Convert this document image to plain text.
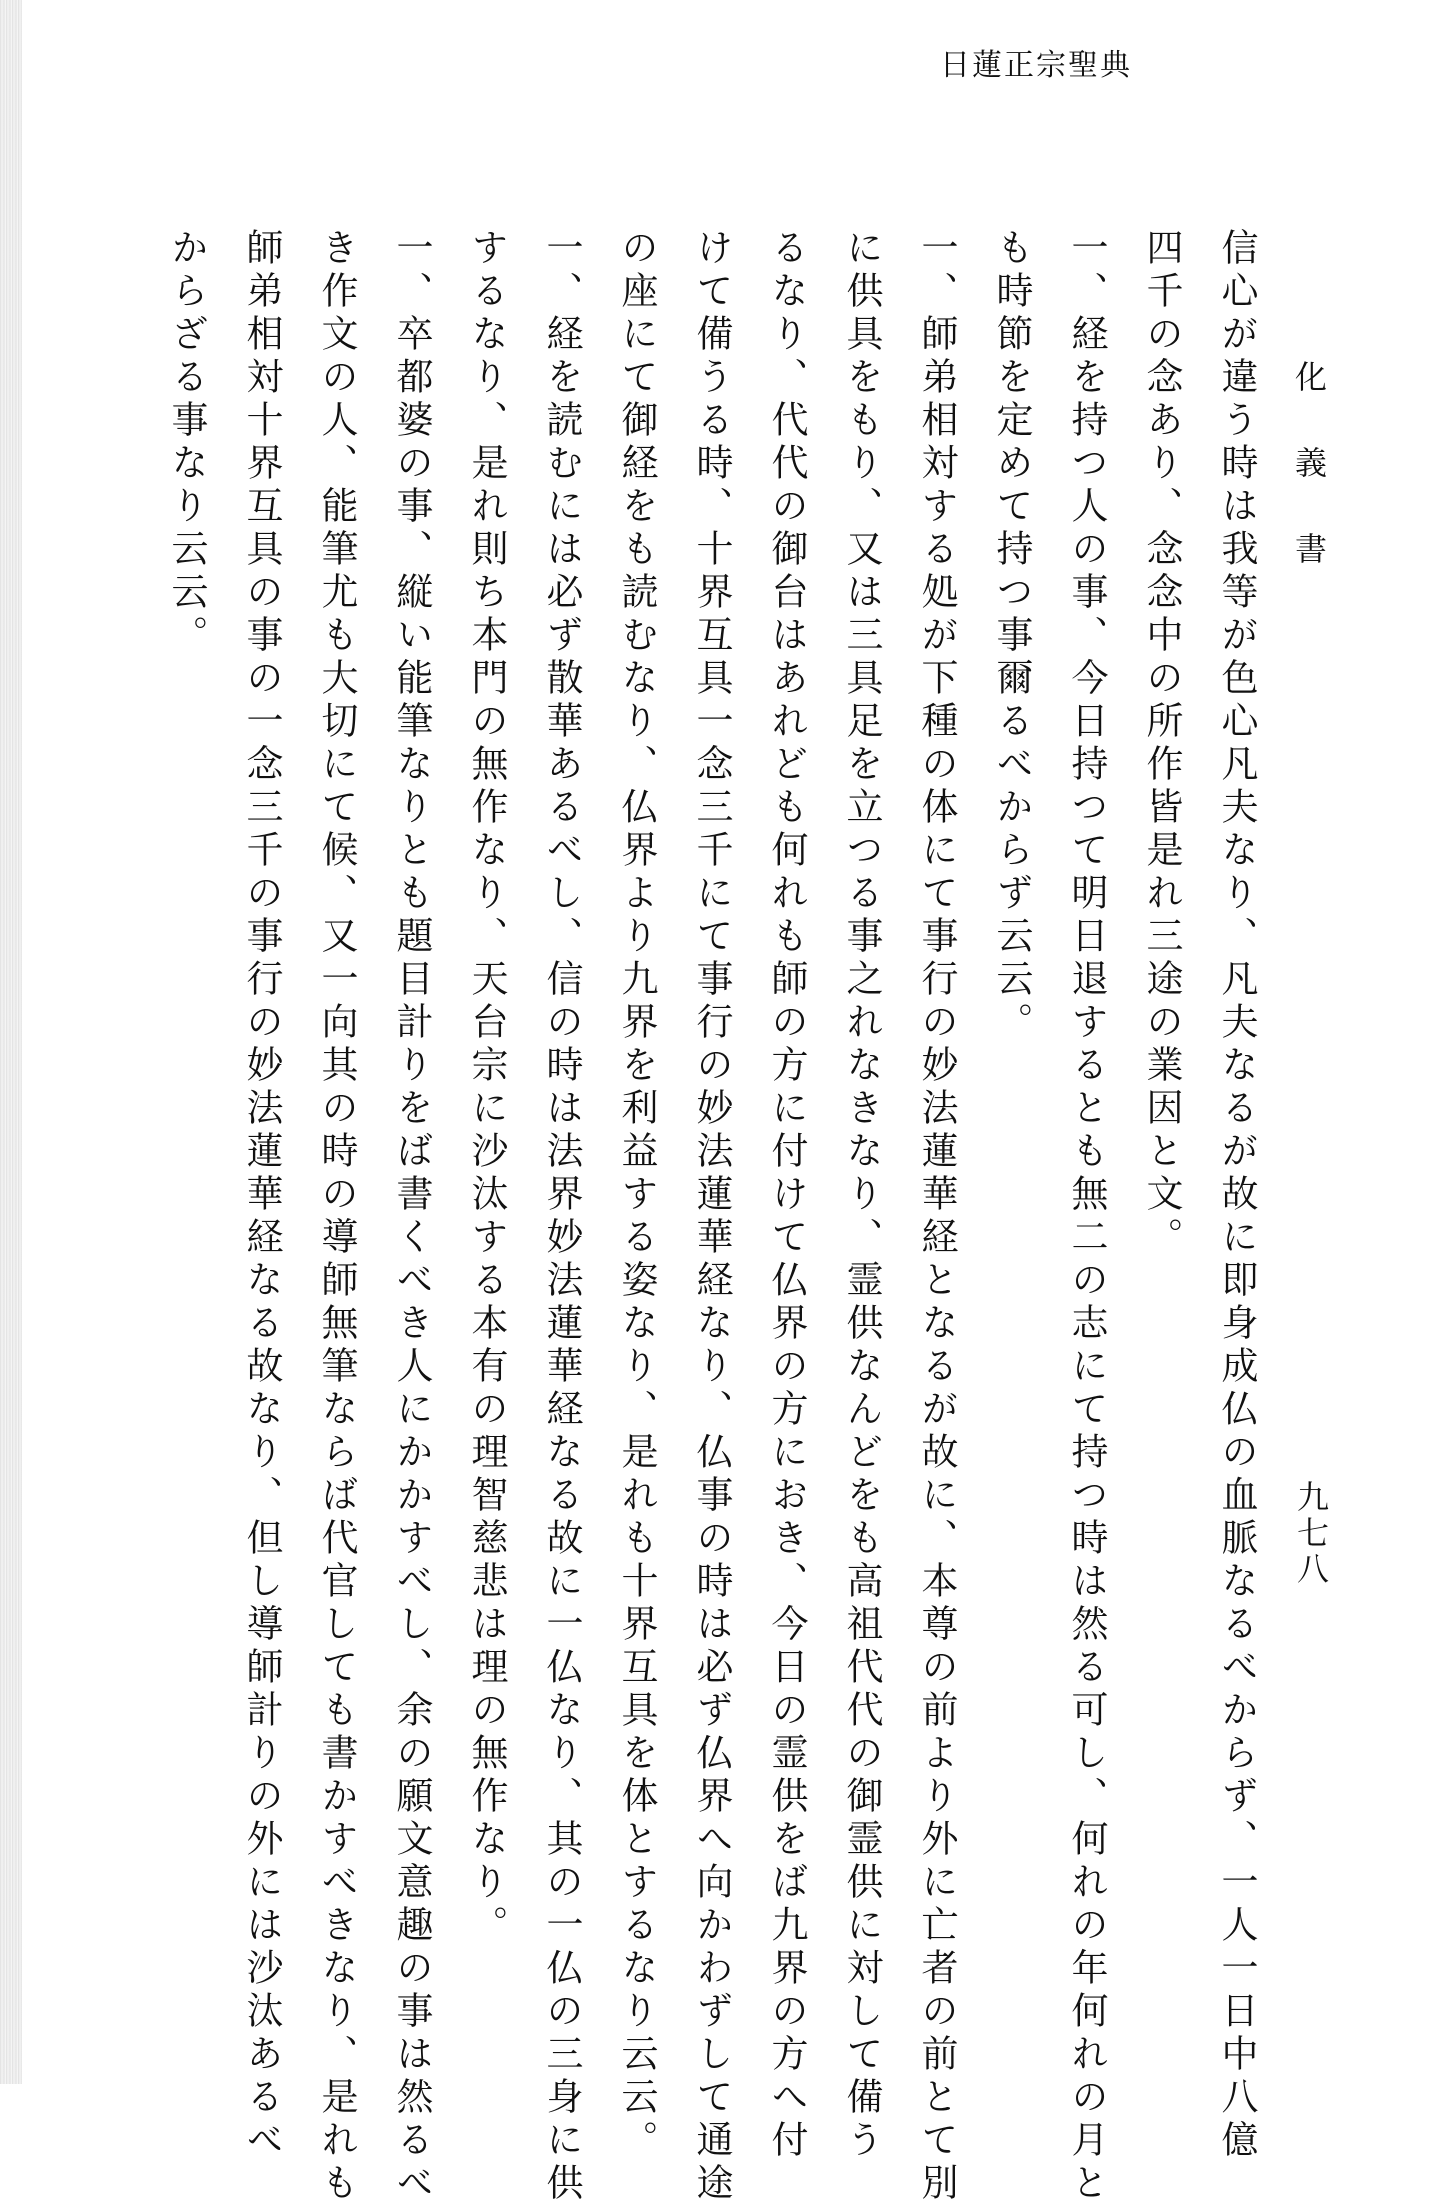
日蓮正宗聖典
九七八
化義書
信心が違う時は我等が色心凡夫なり、凡夫なるが故に即身成仏の血脈なるべからず、一人一日中八億
四千の念あり、念念中の所作皆是れ三途の業因と文。
一、経を持つ人の事、今日持つて明日退するとも無二の志にて持つ時は然る可し、何れの年何れの月と
も時節を定めて持つ事爾るべからず云云。
一、師弟相対する処が下種の体にて事行の妙法蓮華経となるが故に、本尊の前より外に亡者の前とて別
に供具をもり、又は三具足を立つる事之れなきなり、霊供なんどをも高祖代代の御霊供に対して備う
るなり、代代の御台はあれども何れも師の方に付けて仏界の方におき、今日の霊供をば九界の方へ付
けて備うる時、十界互具一念三千にて事行の妙法蓮華経なり、仏事の時は必ず仏界へ向かわずして通途
の座にて御経をも読むなり、仏界より九界を利益する姿なり、是れも十界互具を体とするなり云云。
一、経を読むには必ず散華あるべし、信の時は法界妙法蓮華経なる故に一仏なり、其の一仏の三身に供
するなり、是れ則ち本門の無作なり、天台宗に沙汰する本有の理智慈悲は理の無作なり。
一、卒都婆の事、縦い能筆なりとも題目計りをば書くべき人にかかすべし、余の願文意趣の事は然るべ
き作文の人、能筆尤も大切にて候、又一向其の時の導師無筆ならば代官しても書かすべきなり、是れも
師弟相対十界互具の事の一念三千の事行の妙法蓮華経なる故なり、但し導師計りの外には沙汰あるべ
からざる事なり云云。
